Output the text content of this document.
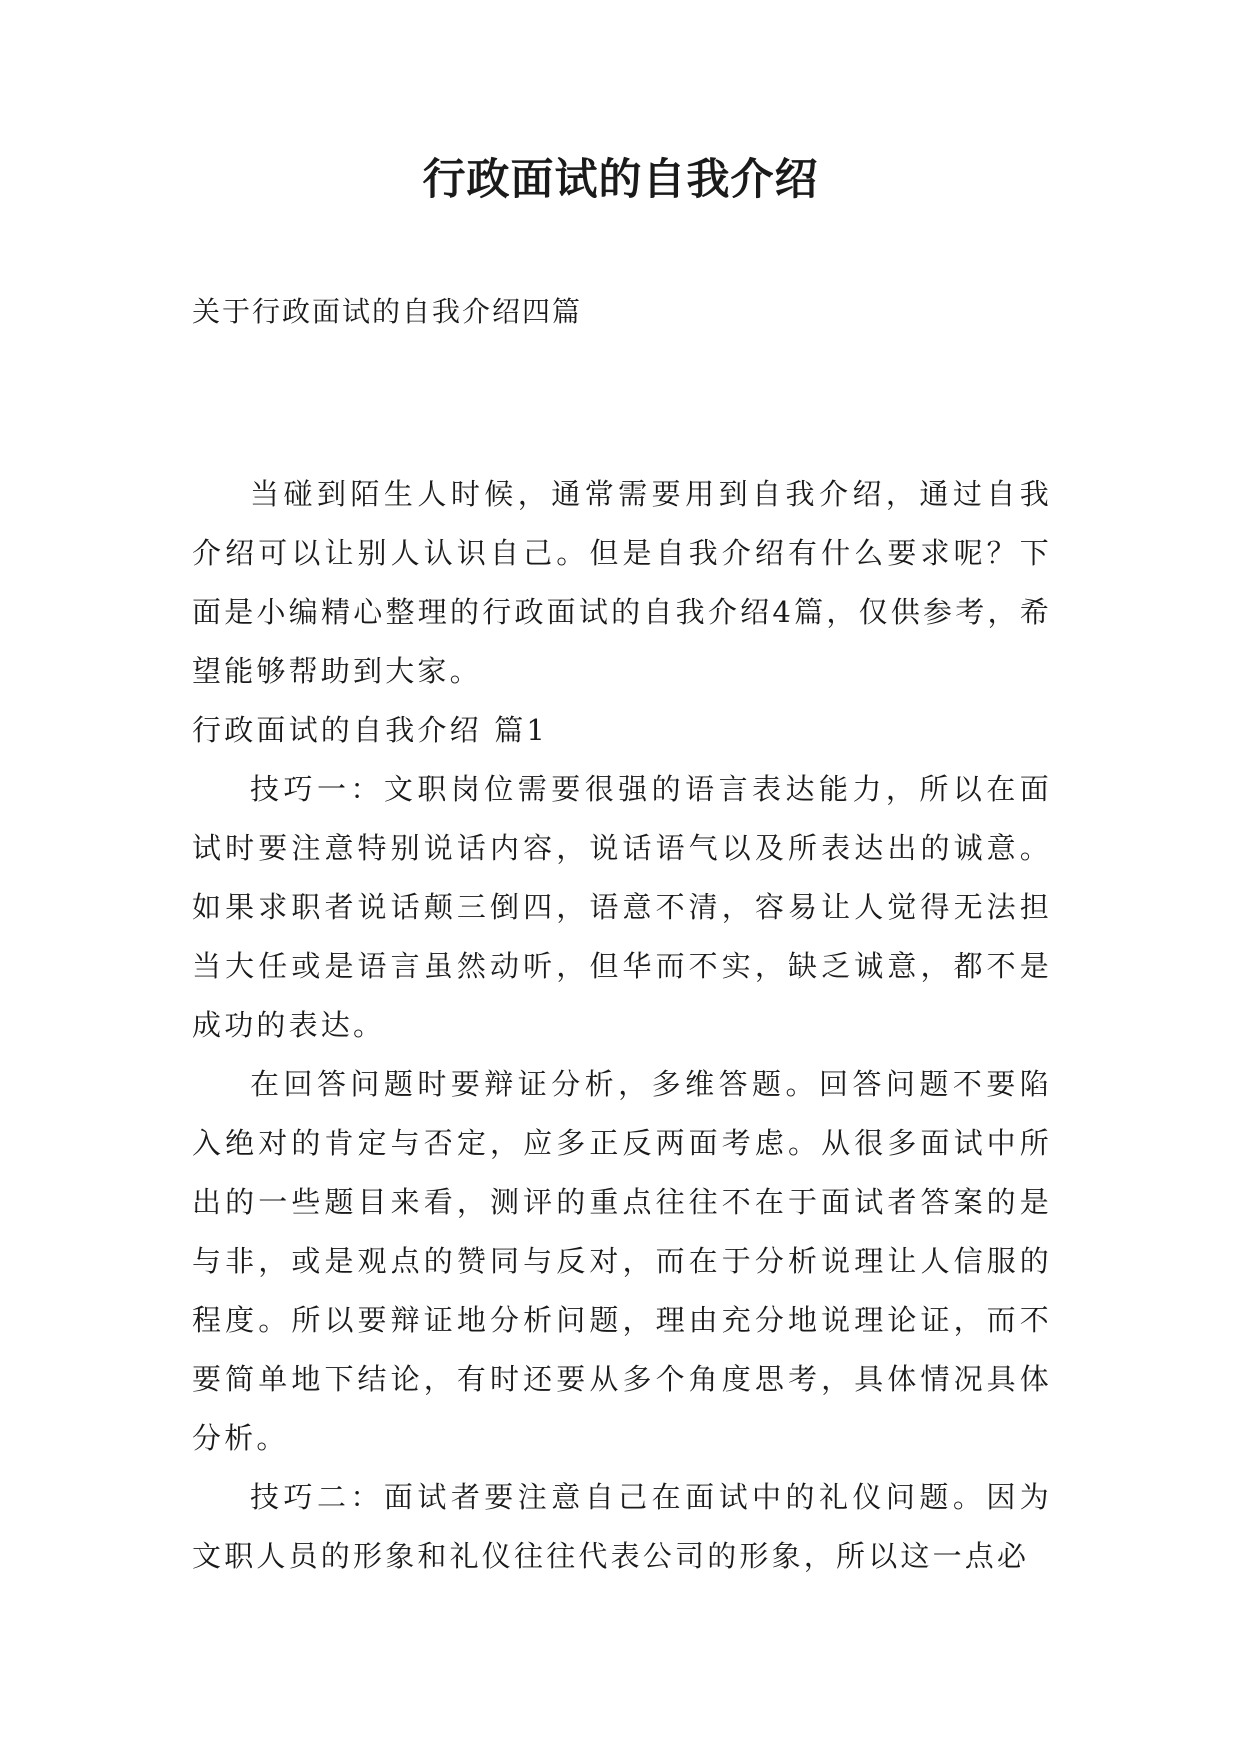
行政面试的自我介绍

关于行政面试的自我介绍四篇

当碰到陌生人时候，通常需要用到自我介绍，通过自我介绍可以让别人认识自己。但是自我介绍有什么要求呢？下面是小编精心整理的行政面试的自我介绍4篇，仅供参考，希望能够帮助到大家。

行政面试的自我介绍 篇1

技巧一：文职岗位需要很强的语言表达能力，所以在面试时要注意特别说话内容，说话语气以及所表达出的诚意。如果求职者说话颠三倒四，语意不清，容易让人觉得无法担当大任或是语言虽然动听，但华而不实，缺乏诚意，都不是成功的表达。

在回答问题时要辩证分析，多维答题。回答问题不要陷入绝对的肯定与否定，应多正反两面考虑。从很多面试中所出的一些题目来看，测评的重点往往不在于面试者答案的是与非，或是观点的赞同与反对，而在于分析说理让人信服的程度。所以要辩证地分析问题，理由充分地说理论证，而不要简单地下结论，有时还要从多个角度思考，具体情况具体分析。

技巧二：面试者要注意自己在面试中的礼仪问题。因为文职人员的形象和礼仪往往代表公司的形象，所以这一点必
